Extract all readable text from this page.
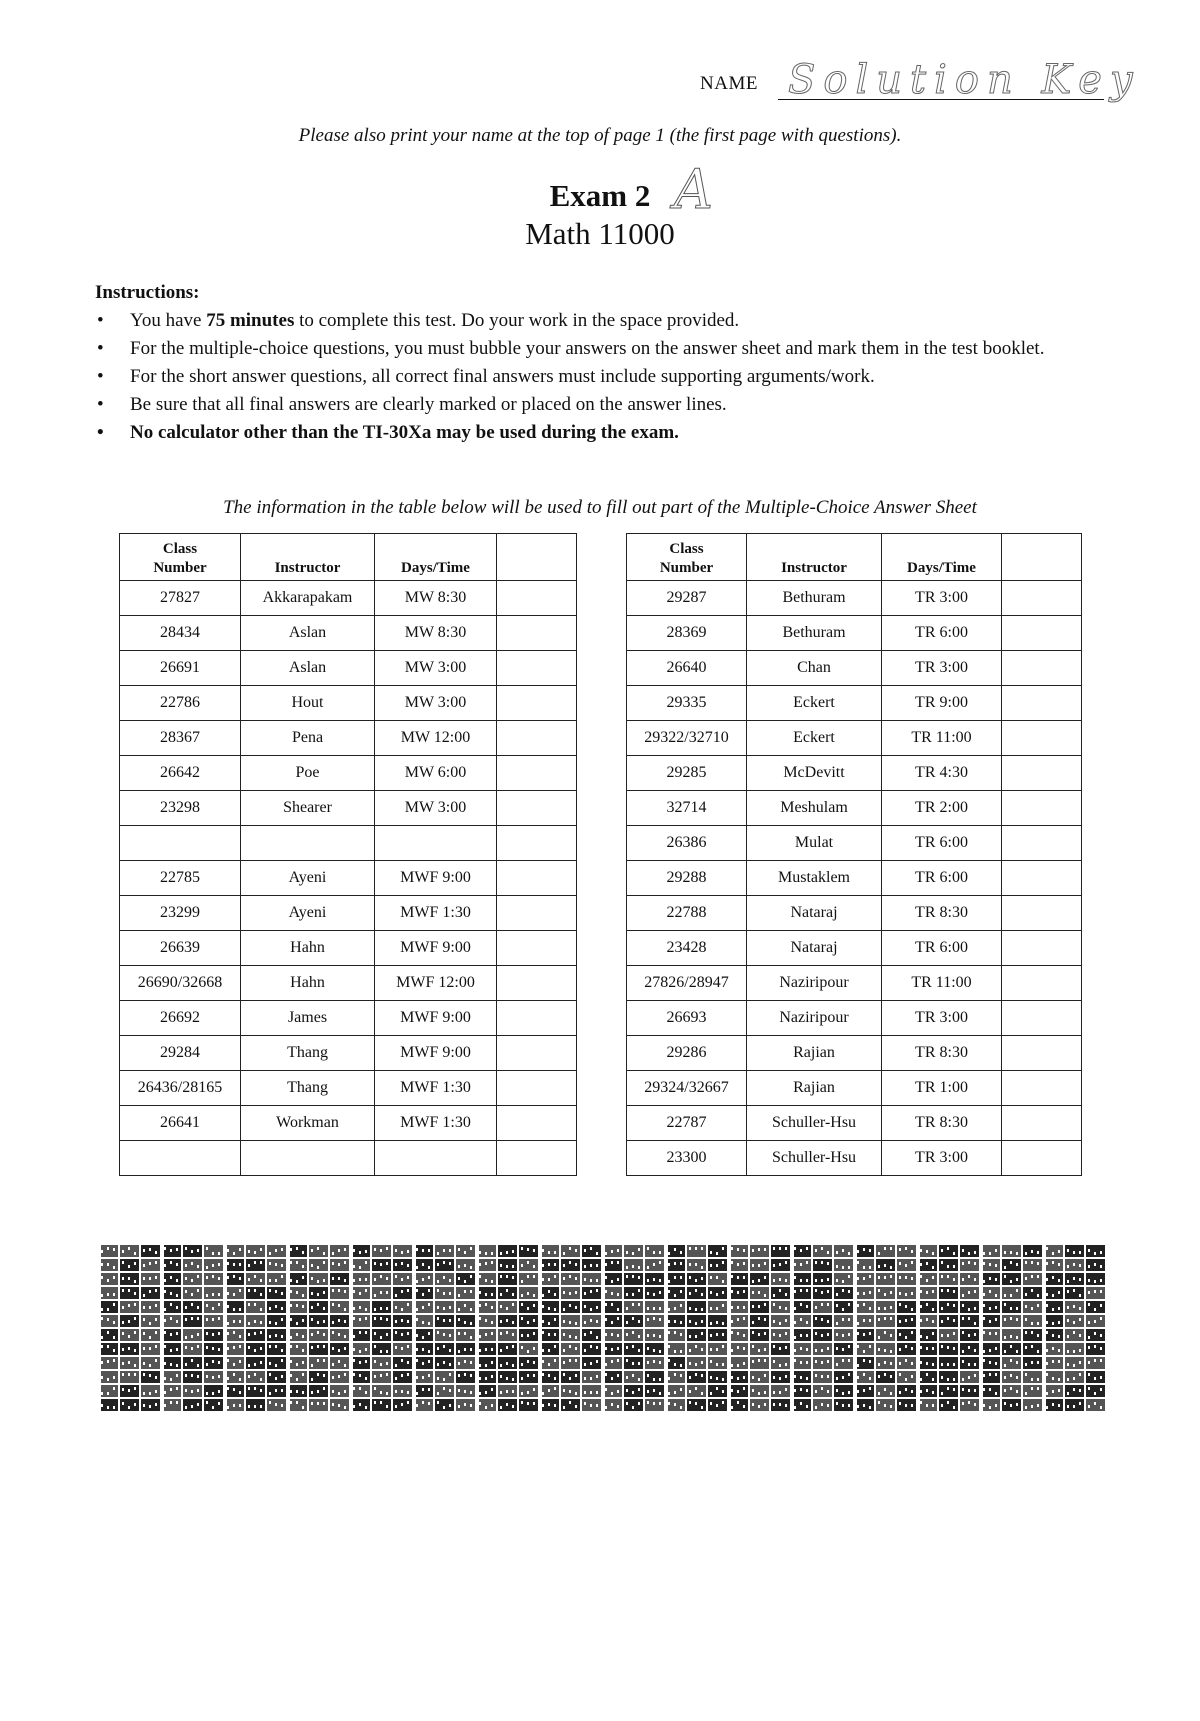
NAME Solution Key
Please also print your name at the top of page 1 (the first page with questions).
Exam 2
Math 11000
A
Instructions:
• You have 75 minutes to complete this test. Do your work in the space provided.
• For the multiple-choice questions, you must bubble your answers on the answer sheet and mark them in the test booklet.
• For the short answer questions, all correct final answers must include supporting arguments/work.
• Be sure that all final answers are clearly marked or placed on the answer lines.
• No calculator other than the TI-30Xa may be used during the exam.
The information in the table below will be used to fill out part of the Multiple-Choice Answer Sheet
Class
Number	Instructor	Days/Time	
27827	Akkarapakam	MW 8:30	
28434	Aslan	MW 8:30	
26691	Aslan	MW 3:00	
22786	Hout	MW 3:00	
28367	Pena	MW 12:00	
26642	Poe	MW 6:00	
23298	Shearer	MW 3:00	

22785	Ayeni	MWF 9:00	
23299	Ayeni	MWF 1:30	
26639	Hahn	MWF 9:00	
26690/32668	Hahn	MWF 12:00	
26692	James	MWF 9:00	
29284	Thang	MWF 9:00	
26436/28165	Thang	MWF 1:30	
26641	Workman	MWF 1:30	

Class
Number	Instructor	Days/Time	
29287	Bethuram	TR 3:00	
28369	Bethuram	TR 6:00	
26640	Chan	TR 3:00	
29335	Eckert	TR 9:00	
29322/32710	Eckert	TR 11:00	
29285	McDevitt	TR 4:30	
32714	Meshulam	TR 2:00	
26386	Mulat	TR 6:00	
29288	Mustaklem	TR 6:00	
22788	Nataraj	TR 8:30	
23428	Nataraj	TR 6:00	
27826/28947	Naziripour	TR 11:00	
26693	Naziripour	TR 3:00	
29286	Rajian	TR 8:30	
29324/32667	Rajian	TR 1:00	
22787	Schuller-Hsu	TR 8:30	
23300	Schuller-Hsu	TR 3:00	
